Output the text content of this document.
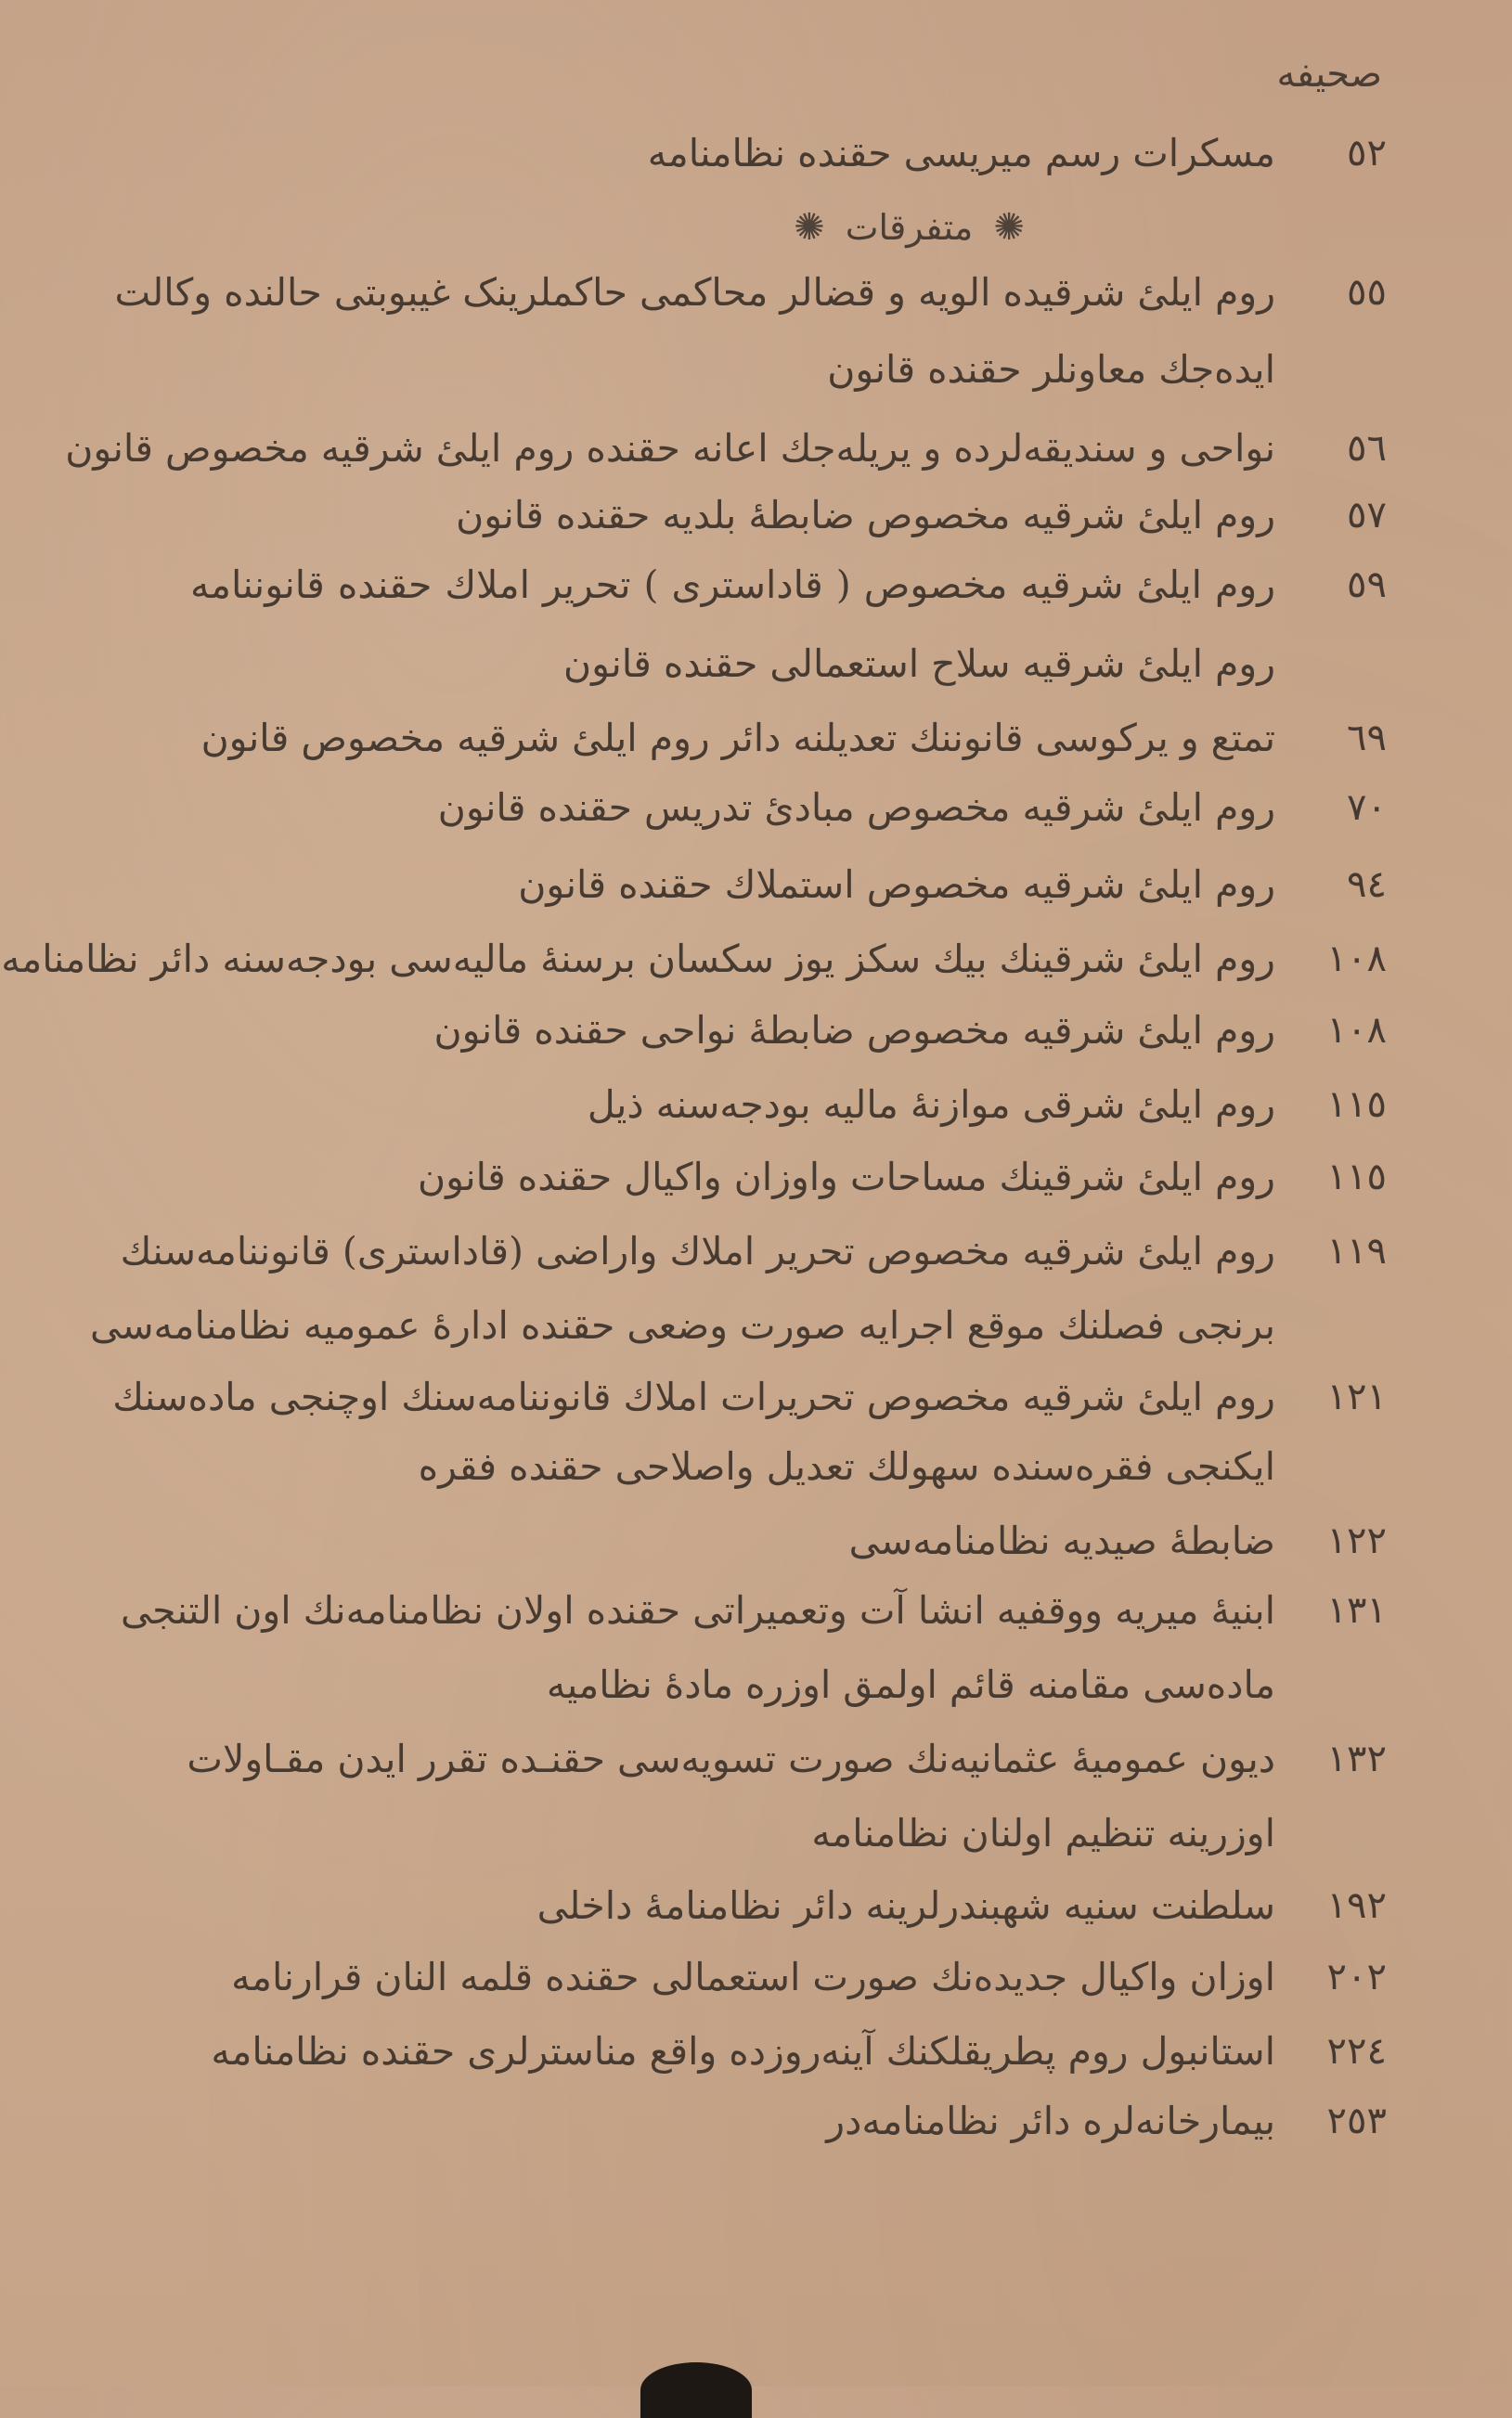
صحیفه
٥٢
مسکرات رسم میریسی حقنده نظامنامه
✺ متفرقات ✺
٥٥
روم ایلیٔ شرقیده الویه و قضالر محاکمی حاکملرینک غیبوبتی حالنده وکالت
ایده‌جك معاونلر حقنده قانون
٥٦
نواحی و سندیقه‌لرده و یریله‌جك اعانه حقنده روم ایلیٔ شرقیه مخصوص قانون
٥٧
روم ایلیٔ شرقیه مخصوص ضابطهٔ بلدیه حقنده قانون
٥٩
روم ایلیٔ شرقیه مخصوص ( قاداستری ) تحریر املاك حقنده قانوننامه
روم ایلیٔ شرقیه سلاح استعمالی حقنده قانون
٦٩
تمتع و یرکوسی قانوننك تعدیلنه دائر روم ایلیٔ شرقیه مخصوص قانون
٧٠
روم ایلیٔ شرقیه مخصوص مبادیٔ تدریس حقنده قانون
٩٤
روم ایلیٔ شرقیه مخصوص استملاك حقنده قانون
١٠٨
روم ایلیٔ شرقینك بیك سکز یوز سکسان برسنهٔ مالیه‌سی بودجه‌سنه دائر نظامنامه
١٠٨
روم ایلیٔ شرقیه مخصوص ضابطهٔ نواحی حقنده قانون
١١٥
روم ایلیٔ شرقی موازنهٔ مالیه بودجه‌سنه ذیل
١١٥
روم ایلیٔ شرقینك مساحات واوزان واکیال حقنده قانون
١١٩
روم ایلیٔ شرقیه مخصوص تحریر املاك واراضی (قاداستری) قانوننامه‌سنك
برنجی فصلنك موقع اجرایه صورت وضعی حقنده ادارهٔ عمومیه نظامنامه‌سی
١٢١
روم ایلیٔ شرقیه مخصوص تحریرات املاك قانوننامه‌سنك اوچنجی ماده‌سنك
ایکنجی فقره‌سنده سهولك تعدیل واصلاحی حقنده فقره
١٢٢
ضابطهٔ صیدیه نظامنامه‌سی
١٣١
ابنیهٔ میریه ووقفیه انشا آت وتعمیراتی حقنده اولان نظامنامه‌نك اون التنجی
ماده‌سی مقامنه قائم اولمق اوزره مادهٔ نظامیه
١٣٢
دیون عمومیهٔ عثمانیه‌نك صورت تسویه‌سی حقنـده تقرر ایدن مقـاولات
اوزرینه تنظیم اولنان نظامنامه
١٩٢
سلطنت سنیه شهبندرلرینه دائر نظامنامهٔ داخلی
٢٠٢
اوزان واکیال جدیده‌نك صورت استعمالی حقنده قلمه النان قرارنامه
٢٢٤
استانبول روم پطریقلکنك آینه‌روزده واقع مناسترلری حقنده نظامنامه
٢٥٣
بیمارخانه‌لره دائر نظامنامه‌در
